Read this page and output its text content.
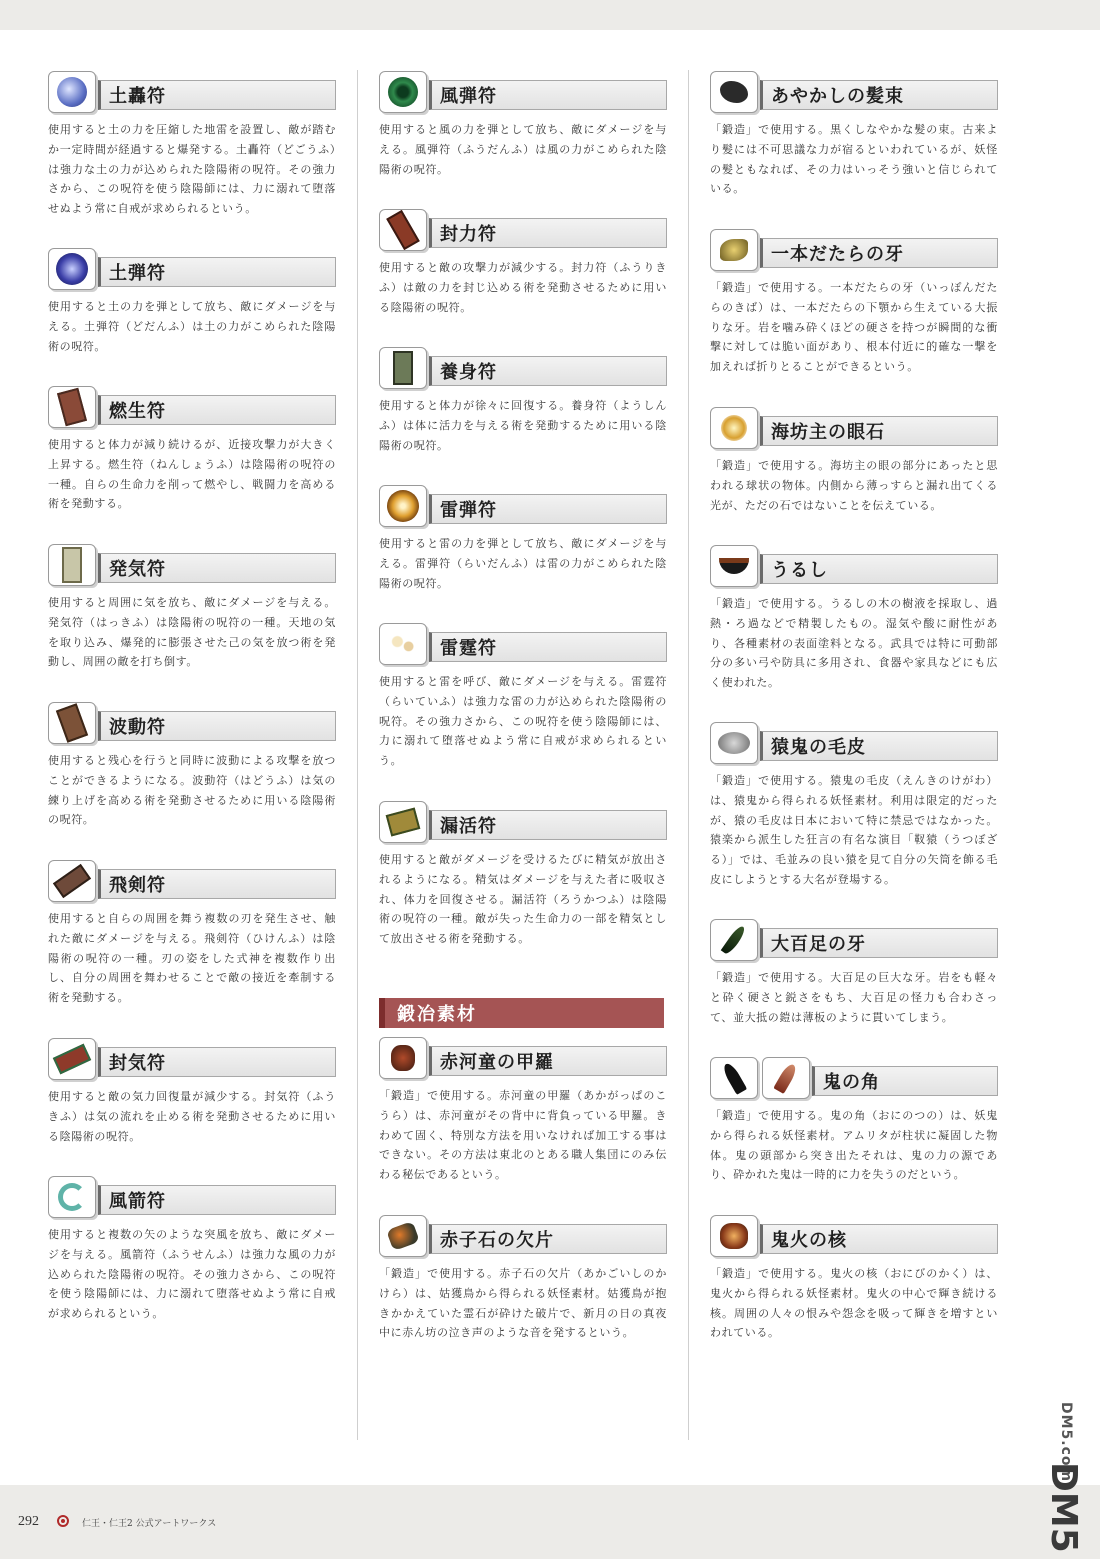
土轟符
使用すると土の力を圧縮した地雷を設置し、敵が踏むか一定時間が経過すると爆発する。土轟符（どごうふ）は強力な土の力が込められた陰陽術の呪符。その強力さから、この呪符を使う陰陽師には、力に溺れて堕落せぬよう常に自戒が求められるという。
土弾符
使用すると土の力を弾として放ち、敵にダメージを与える。土弾符（どだんふ）は土の力がこめられた陰陽術の呪符。
燃生符
使用すると体力が減り続けるが、近接攻撃力が大きく上昇する。燃生符（ねんしょうふ）は陰陽術の呪符の一種。自らの生命力を削って燃やし、戦闘力を高める術を発動する。
発気符
使用すると周囲に気を放ち、敵にダメージを与える。発気符（はっきふ）は陰陽術の呪符の一種。天地の気を取り込み、爆発的に膨張させた己の気を放つ術を発動し、周囲の敵を打ち倒す。
波動符
使用すると残心を行うと同時に波動による攻撃を放つことができるようになる。波動符（はどうふ）は気の練り上げを高める術を発動させるために用いる陰陽術の呪符。
飛剣符
使用すると自らの周囲を舞う複数の刃を発生させ、触れた敵にダメージを与える。飛剣符（ひけんふ）は陰陽術の呪符の一種。刃の姿をした式神を複数作り出し、自分の周囲を舞わせることで敵の接近を牽制する術を発動する。
封気符
使用すると敵の気力回復量が減少する。封気符（ふうきふ）は気の流れを止める術を発動させるために用いる陰陽術の呪符。
風箭符
使用すると複数の矢のような突風を放ち、敵にダメージを与える。風箭符（ふうせんふ）は強力な風の力が込められた陰陽術の呪符。その強力さから、この呪符を使う陰陽師には、力に溺れて堕落せぬよう常に自戒が求められるという。
風弾符
使用すると風の力を弾として放ち、敵にダメージを与える。風弾符（ふうだんふ）は風の力がこめられた陰陽術の呪符。
封力符
使用すると敵の攻撃力が減少する。封力符（ふうりきふ）は敵の力を封じ込める術を発動させるために用いる陰陽術の呪符。
養身符
使用すると体力が徐々に回復する。養身符（ようしんふ）は体に活力を与える術を発動するために用いる陰陽術の呪符。
雷弾符
使用すると雷の力を弾として放ち、敵にダメージを与える。雷弾符（らいだんふ）は雷の力がこめられた陰陽術の呪符。
雷霆符
使用すると雷を呼び、敵にダメージを与える。雷霆符（らいていふ）は強力な雷の力が込められた陰陽術の呪符。その強力さから、この呪符を使う陰陽師には、力に溺れて堕落せぬよう常に自戒が求められるという。
漏活符
使用すると敵がダメージを受けるたびに精気が放出されるようになる。精気はダメージを与えた者に吸収され、体力を回復させる。漏活符（ろうかつふ）は陰陽術の呪符の一種。敵が失った生命力の一部を精気として放出させる術を発動する。
鍛冶素材
赤河童の甲羅
「鍛造」で使用する。赤河童の甲羅（あかがっぱのこうら）は、赤河童がその背中に背負っている甲羅。きわめて固く、特別な方法を用いなければ加工する事はできない。その方法は東北のとある職人集団にのみ伝わる秘伝であるという。
赤子石の欠片
「鍛造」で使用する。赤子石の欠片（あかごいしのかけら）は、姑獲鳥から得られる妖怪素材。姑獲鳥が抱きかかえていた霊石が砕けた破片で、新月の日の真夜中に赤ん坊の泣き声のような音を発するという。
あやかしの髪束
「鍛造」で使用する。黒くしなやかな髪の束。古来より髪には不可思議な力が宿るといわれているが、妖怪の髪ともなれば、その力はいっそう強いと信じられている。
一本だたらの牙
「鍛造」で使用する。一本だたらの牙（いっぽんだたらのきば）は、一本だたらの下顎から生えている大振りな牙。岩を噛み砕くほどの硬さを持つが瞬間的な衝撃に対しては脆い面があり、根本付近に的確な一撃を加えれば折りとることができるという。
海坊主の眼石
「鍛造」で使用する。海坊主の眼の部分にあったと思われる球状の物体。内側から薄っすらと漏れ出てくる光が、ただの石ではないことを伝えている。
うるし
「鍛造」で使用する。うるしの木の樹液を採取し、過熱・ろ過などで精製したもの。湿気や酸に耐性があり、各種素材の表面塗料となる。武具では特に可動部分の多い弓や防具に多用され、食器や家具などにも広く使われた。
猿鬼の毛皮
「鍛造」で使用する。猿鬼の毛皮（えんきのけがわ）は、猿鬼から得られる妖怪素材。利用は限定的だったが、猿の毛皮は日本において特に禁忌ではなかった。猿楽から派生した狂言の有名な演目「靫猿（うつぼざる）」では、毛並みの良い猿を見て自分の矢筒を飾る毛皮にしようとする大名が登場する。
大百足の牙
「鍛造」で使用する。大百足の巨大な牙。岩をも軽々と砕く硬さと鋭さをもち、大百足の怪力も合わさって、並大抵の鎧は薄板のように貫いてしまう。
鬼の角
「鍛造」で使用する。鬼の角（おにのつの）は、妖鬼から得られる妖怪素材。アムリタが柱状に凝固した物体。鬼の頭部から突き出たそれは、鬼の力の源であり、砕かれた鬼は一時的に力を失うのだという。
鬼火の核
「鍛造」で使用する。鬼火の核（おにびのかく）は、鬼火から得られる妖怪素材。鬼火の中心で輝き続ける核。周囲の人々の恨みや怨念を吸って輝きを増すといわれている。
292	仁王・仁王2 公式アートワークス
DM5.com
DM5
